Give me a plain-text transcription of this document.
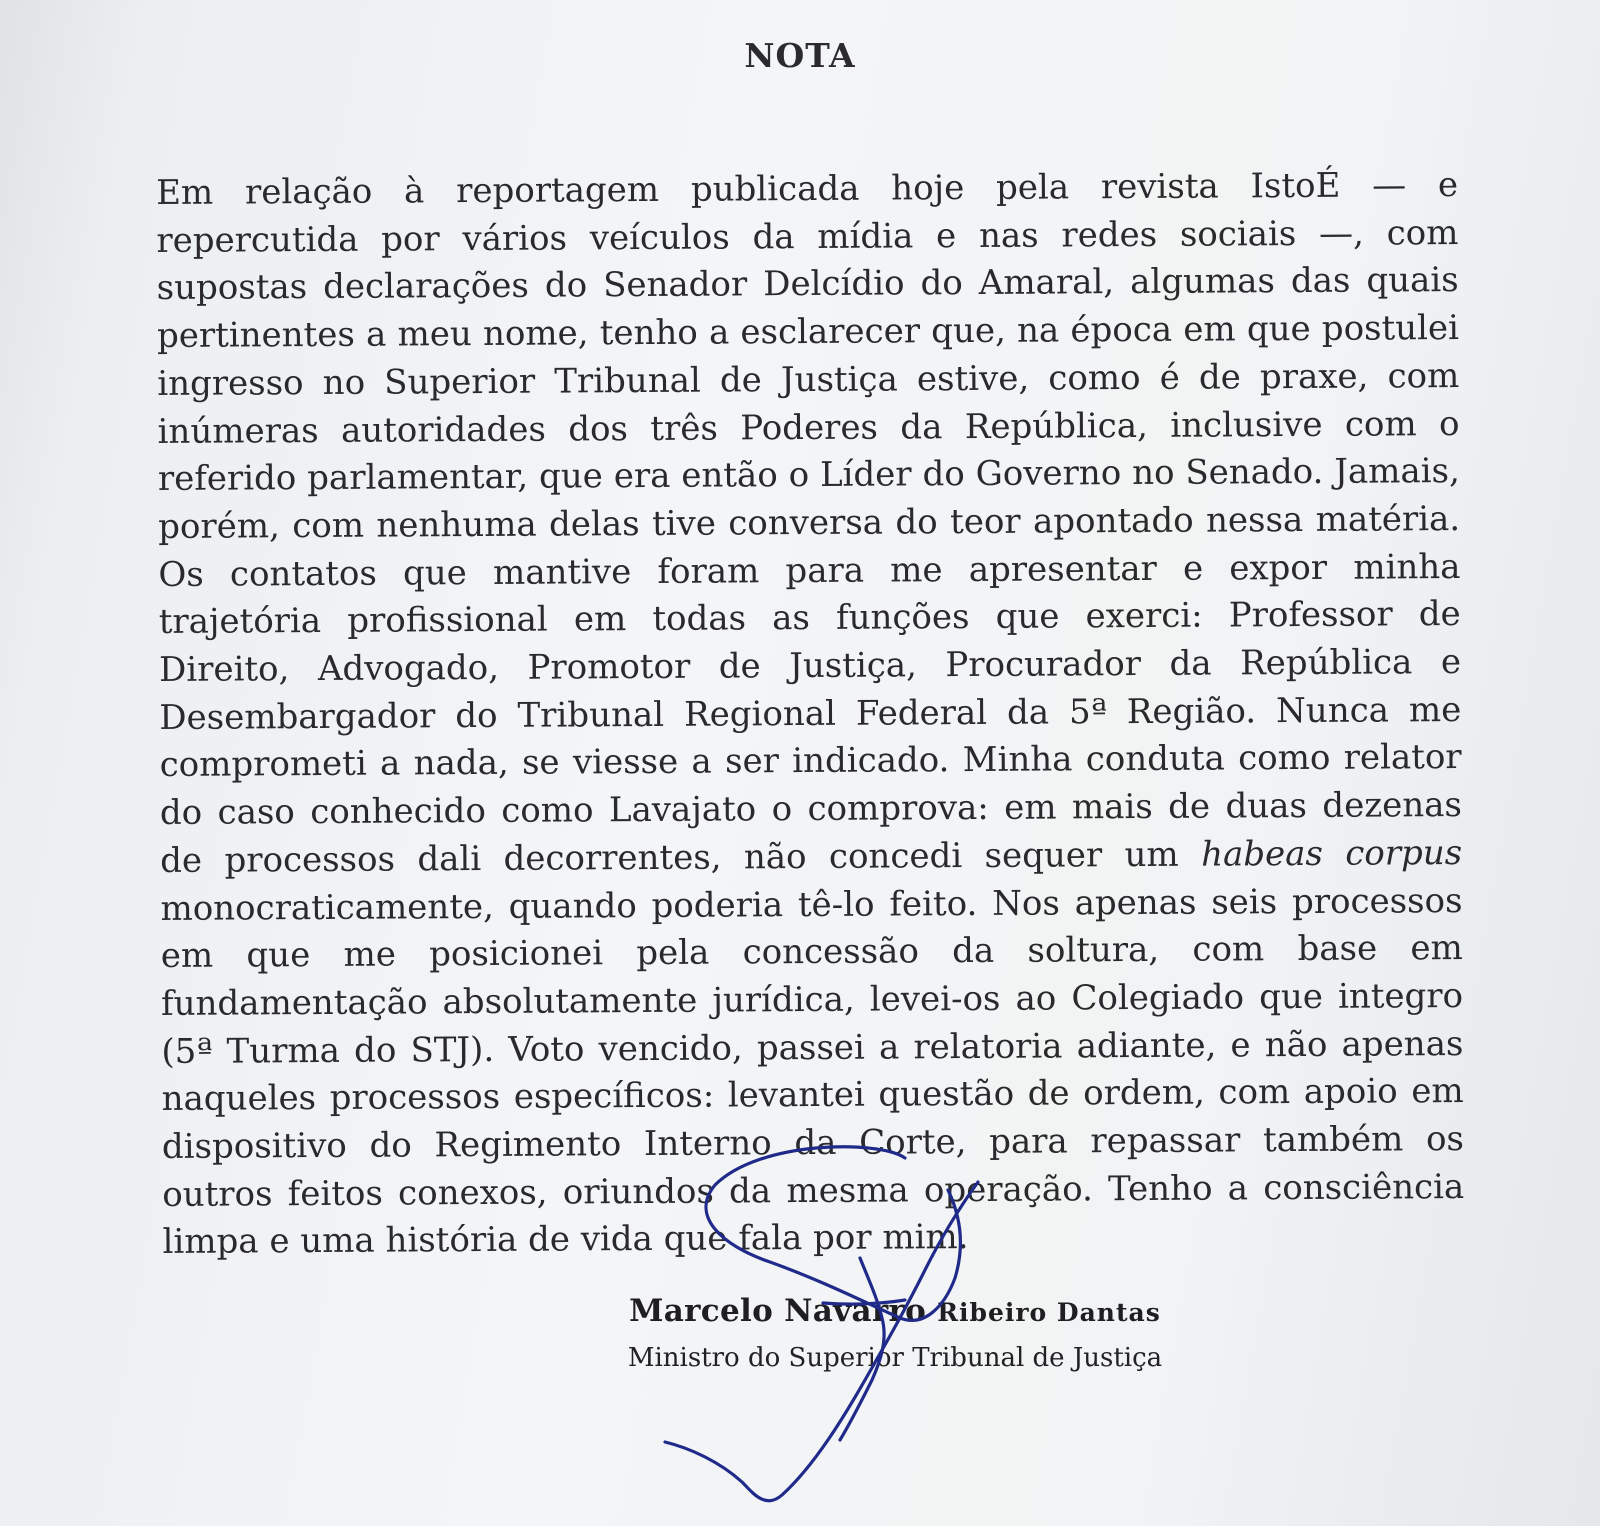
NOTA

Em relação à reportagem publicada hoje pela revista IstoÉ — e repercutida por vários veículos da mídia e nas redes sociais —, com supostas declarações do Senador Delcídio do Amaral, algumas das quais pertinentes a meu nome, tenho a esclarecer que, na época em que postulei ingresso no Superior Tribunal de Justiça estive, como é de praxe, com inúmeras autoridades dos três Poderes da República, inclusive com o referido parlamentar, que era então o Líder do Governo no Senado. Jamais, porém, com nenhuma delas tive conversa do teor apontado nessa matéria. Os contatos que mantive foram para me apresentar e expor minha trajetória profissional em todas as funções que exerci: Professor de Direito, Advogado, Promotor de Justiça, Procurador da República e Desembargador do Tribunal Regional Federal da 5ª Região. Nunca me comprometi a nada, se viesse a ser indicado. Minha conduta como relator do caso conhecido como Lavajato o comprova: em mais de duas dezenas de processos dali decorrentes, não concedi sequer um habeas corpus monocraticamente, quando poderia tê-lo feito. Nos apenas seis processos em que me posicionei pela concessão da soltura, com base em fundamentação absolutamente jurídica, levei-os ao Colegiado que integro (5ª Turma do STJ). Voto vencido, passei a relatoria adiante, e não apenas naqueles processos específicos: levantei questão de ordem, com apoio em dispositivo do Regimento Interno da Corte, para repassar também os outros feitos conexos, oriundos da mesma operação. Tenho a consciência limpa e uma história de vida que fala por mim.

Marcelo Navarro Ribeiro Dantas
Ministro do Superior Tribunal de Justiça
